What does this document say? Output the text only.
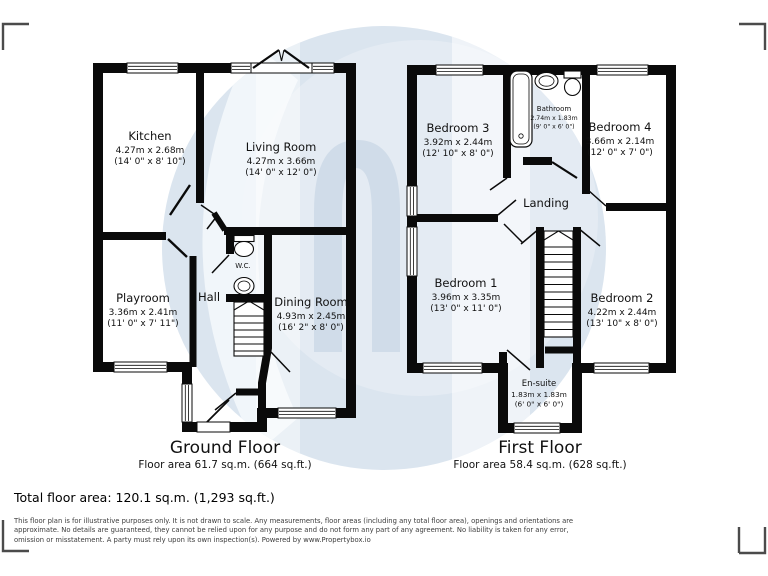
Kitchen
4.27m x 2.68m
(14' 0" x 8' 10")
Living Room
4.27m x 3.66m
(14' 0" x 12' 0")
Playroom
3.36m x 2.41m
(11' 0" x 7' 11")
Hall
W.C.
Dining Room
4.93m x 2.45m
(16' 2" x 8' 0")
Ground Floor
Floor area 61.7 sq.m. (664 sq.ft.)
Bedroom 3
3.92m x 2.44m
(12' 10" x 8' 0")
Bathroom
2.74m x 1.83m
(9' 0" x 6' 0") Bedroom 4
3.66m x 2.14m
(12' 0" x 7' 0")
Landing
Bedroom 1
3.96m x 3.35m
(13' 0" x 11' 0")
Bedroom 2
4.22m x 2.44m
(13' 10" x 8' 0")
En-suite
1.83m x 1.83m
(6' 0" x 6' 0")
First Floor
Floor area 58.4 sq.m. (628 sq.ft.)
Total floor area: 120.1 sq.m. (1,293 sq.ft.)
This floor plan is for illustrative purposes only. It is not drawn to scale. Any measurements, floor areas (including any total floor area), openings and orientations are
approximate. No details are guaranteed, they cannot be relied upon for any purpose and do not form any part of any agreement. No liability is taken for any error,
omission or misstatement. A party must rely upon its own inspection(s). Powered by www.Propertybox.io
